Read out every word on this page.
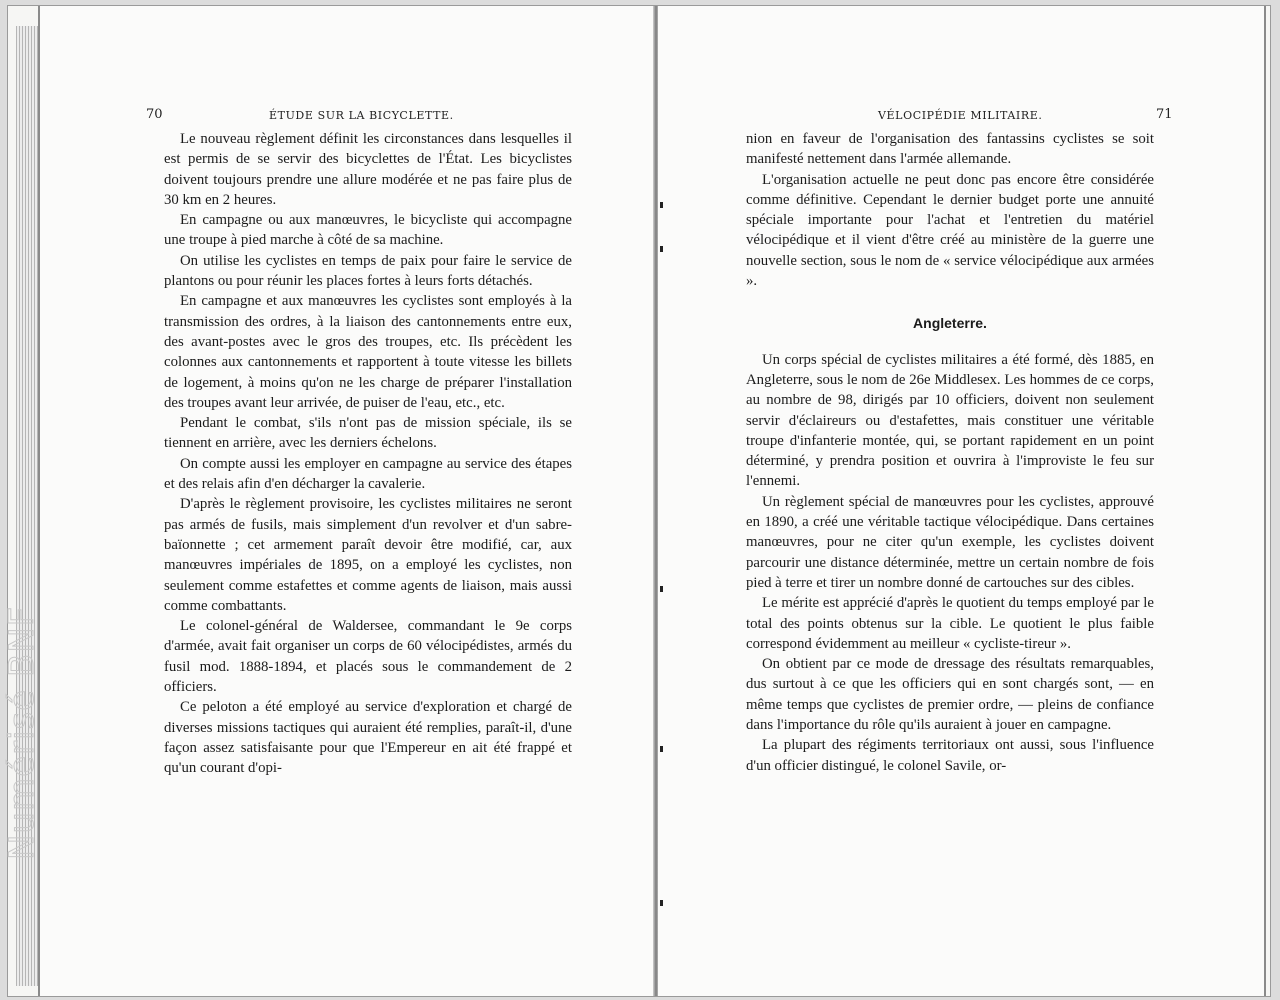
70	ÉTUDE SUR LA BICYCLETTE.

Le nouveau règlement définit les circonstances dans lesquelles il est permis de se servir des bicyclettes de l'État. Les bicyclistes doivent toujours prendre une allure modérée et ne pas faire plus de 30 km en 2 heures.

En campagne ou aux manœuvres, le bicycliste qui accompagne une troupe à pied marche à côté de sa machine.

On utilise les cyclistes en temps de paix pour faire le service de plantons ou pour réunir les places fortes à leurs forts détachés.

En campagne et aux manœuvres les cyclistes sont employés à la transmission des ordres, à la liaison des cantonnements entre eux, des avant-postes avec le gros des troupes, etc. Ils précèdent les colonnes aux cantonnements et rapportent à toute vitesse les billets de logement, à moins qu'on ne les charge de préparer l'installation des troupes avant leur arrivée, de puiser de l'eau, etc., etc.

Pendant le combat, s'ils n'ont pas de mission spéciale, ils se tiennent en arrière, avec les derniers échelons.

On compte aussi les employer en campagne au service des étapes et des relais afin d'en décharger la cavalerie.

D'après le règlement provisoire, les cyclistes militaires ne seront pas armés de fusils, mais simplement d'un revolver et d'un sabre-baïonnette ; cet armement paraît devoir être modifié, car, aux manœuvres impériales de 1895, on a employé les cyclistes, non seulement comme estafettes et comme agents de liaison, mais aussi comme combattants.

Le colonel-général de Waldersee, commandant le 9e corps d'armée, avait fait organiser un corps de 60 vélocipédistes, armés du fusil mod. 1888-1894, et placés sous le commandement de 2 officiers.

Ce peloton a été employé au service d'exploration et chargé de diverses missions tactiques qui auraient été remplies, paraît-il, d'une façon assez satisfaisante pour que l'Empereur en ait été frappé et qu'un courant d'opi-

VÉLOCIPÉDIE MILITAIRE.	71

nion en faveur de l'organisation des fantassins cyclistes se soit manifesté nettement dans l'armée allemande.

L'organisation actuelle ne peut donc pas encore être considérée comme définitive. Cependant le dernier budget porte une annuité spéciale importante pour l'achat et l'entretien du matériel vélocipédique et il vient d'être créé au ministère de la guerre une nouvelle section, sous le nom de « service vélocipédique aux armées ».

Angleterre.

Un corps spécial de cyclistes militaires a été formé, dès 1885, en Angleterre, sous le nom de 26e Middlesex. Les hommes de ce corps, au nombre de 98, dirigés par 10 officiers, doivent non seulement servir d'éclaireurs ou d'estafettes, mais constituer une véritable troupe d'infanterie montée, qui, se portant rapidement en un point déterminé, y prendra position et ouvrira à l'improviste le feu sur l'ennemi.

Un règlement spécial de manœuvres pour les cyclistes, approuvé en 1890, a créé une véritable tactique vélocipédique. Dans certaines manœuvres, pour ne citer qu'un exemple, les cyclistes doivent parcourir une distance déterminée, mettre un certain nombre de fois pied à terre et tirer un nombre donné de cartouches sur des cibles.

Le mérite est apprécié d'après le quotient du temps employé par le total des points obtenus sur la cible. Le quotient le plus faible correspond évidemment au meilleur « cycliste-tireur ».

On obtient par ce mode de dressage des résultats remarquables, dus surtout à ce que les officiers qui en sont chargés sont, — en même temps que cyclistes de premier ordre, — pleins de confiance dans l'importance du rôle qu'ils auraient à jouer en campagne.

La plupart des régiments territoriaux ont aussi, sous l'influence d'un officier distingué, le colonel Savile, or-

Numérisé BNF
